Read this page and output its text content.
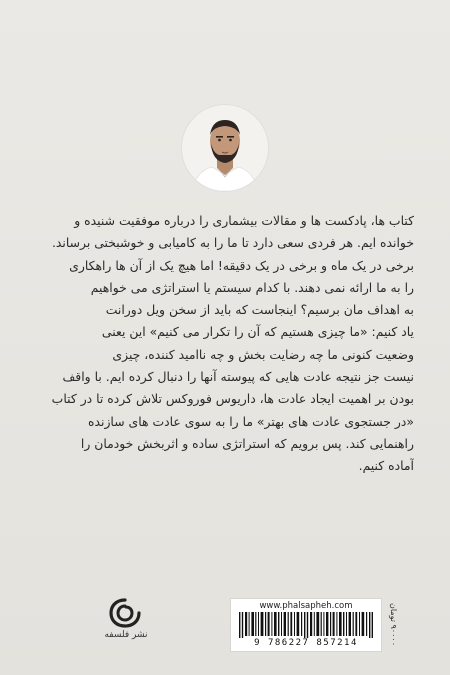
کتاب ها، پادکست ها و مقالات بیشماری را درباره موفقیت شنیده و
خوانده ایم. هر فردی سعی دارد تا ما را به کامیابی و خوشبختی برساند.
برخی در یک ماه و برخی در یک دقیقه! اما هیچ یک از آن ها راهکاری
را به ما ارائه نمی دهند. با کدام سیستم یا استراتژی می خواهیم
به اهداف مان برسیم؟ اینجاست که باید از سخن ویل دورانت
یاد کنیم: «ما چیزی هستیم که آن را تکرار می کنیم» این یعنی
وضعیت کنونی ما چه رضایت بخش و چه ناامید کننده، چیزی
نیست جز نتیجه عادت هایی که پیوسته آنها را دنبال کرده ایم. با واقف
بودن بر اهمیت ایجاد عادت ها، داریوس فوروکس تلاش کرده تا در کتاب
«در جستجوی عادت های بهتر» ما را به سوی عادت های سازنده
راهنمایی کند. پس برویم که استراتژی ساده و اثربخش خودمان را
آماده کنیم.
نشر فلسفه
www.phalsapheh.com
9 786227 857214
۹۰۰۰۰ تومان
